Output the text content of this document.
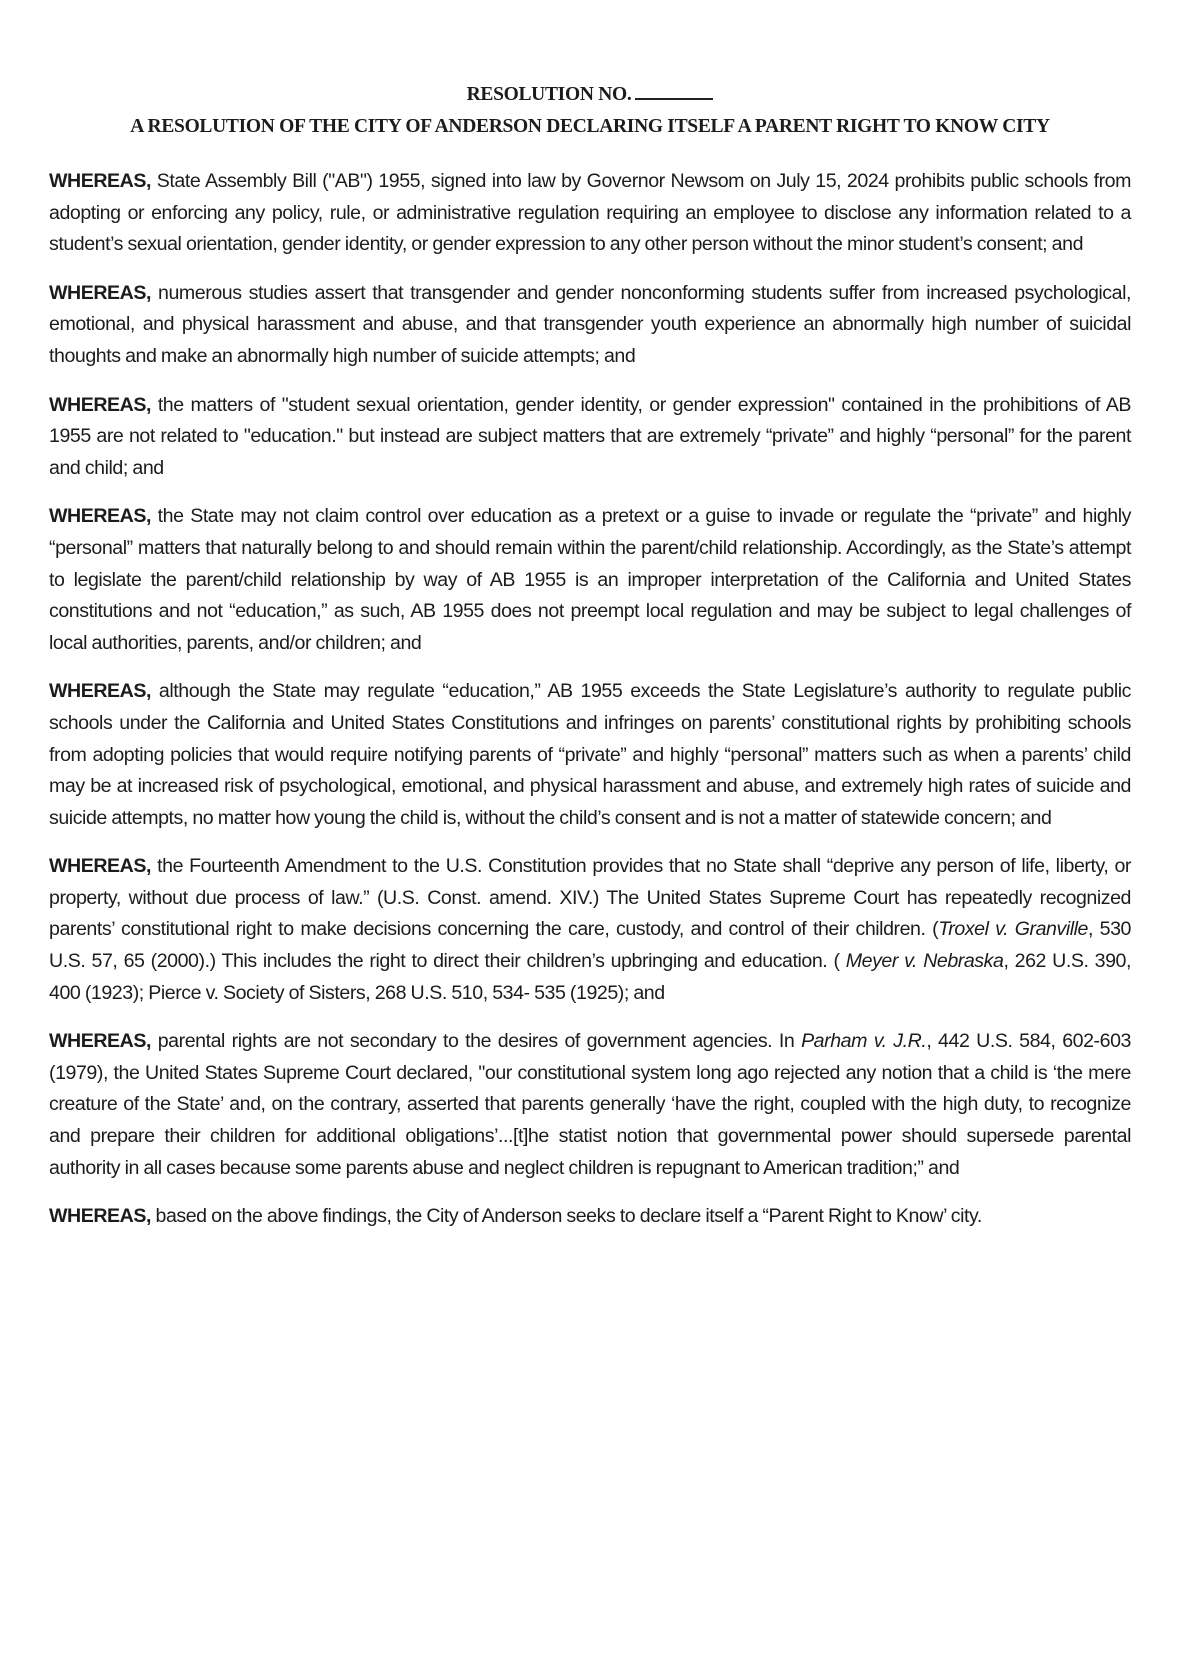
RESOLUTION NO.
A RESOLUTION OF THE CITY OF ANDERSON DECLARING ITSELF A PARENT RIGHT TO KNOW CITY

WHEREAS, State Assembly Bill ("AB") 1955, signed into law by Governor Newsom on July 15, 2024 prohibits public schools from adopting or enforcing any policy, rule, or administrative regulation requiring an employee to disclose any information related to a student’s sexual orientation, gender identity, or gender expression to any other person without the minor student’s consent; and

WHEREAS, numerous studies assert that transgender and gender nonconforming students suffer from increased psychological, emotional, and physical harassment and abuse, and that transgender youth experience an abnormally high number of suicidal thoughts and make an abnormally high number of suicide attempts; and

WHEREAS, the matters of "student sexual orientation, gender identity, or gender expression" contained in the prohibitions of AB 1955 are not related to "education." but instead are subject matters that are extremely “private” and highly “personal” for the parent and child; and

WHEREAS, the State may not claim control over education as a pretext or a guise to invade or regulate the “private” and highly “personal” matters that naturally belong to and should remain within the parent/child relationship. Accordingly, as the State’s attempt to legislate the parent/child relationship by way of AB 1955 is an improper interpretation of the California and United States constitutions and not “education,” as such, AB 1955 does not preempt local regulation and may be subject to legal challenges of local authorities, parents, and/or children; and

WHEREAS, although the State may regulate “education,” AB 1955 exceeds the State Legislature’s authority to regulate public schools under the California and United States Constitutions and infringes on parents’ constitutional rights by prohibiting schools from adopting policies that would require notifying parents of “private” and highly “personal” matters such as when a parents’ child may be at increased risk of psychological, emotional, and physical harassment and abuse, and extremely high rates of suicide and suicide attempts, no matter how young the child is, without the child’s consent and is not a matter of statewide concern; and

WHEREAS, the Fourteenth Amendment to the U.S. Constitution provides that no State shall “deprive any person of life, liberty, or property, without due process of law.” (U.S. Const. amend. XIV.) The United States Supreme Court has repeatedly recognized parents’ constitutional right to make decisions concerning the care, custody, and control of their children. (Troxel v. Granville, 530 U.S. 57, 65 (2000).) This includes the right to direct their children’s upbringing and education. ( Meyer v. Nebraska, 262 U.S. 390, 400 (1923); Pierce v. Society of Sisters, 268 U.S. 510, 534- 535 (1925); and

WHEREAS, parental rights are not secondary to the desires of government agencies. In Parham v. J.R., 442 U.S. 584, 602-603 (1979), the United States Supreme Court declared, "our constitutional system long ago rejected any notion that a child is ‘the mere creature of the State’ and, on the contrary, asserted that parents generally ‘have the right, coupled with the high duty, to recognize and prepare their children for additional obligations’...[t]he statist notion that governmental power should supersede parental authority in all cases because some parents abuse and neglect children is repugnant to American tradition;” and

WHEREAS, based on the above findings, the City of Anderson seeks to declare itself a “Parent Right to Know’ city.
